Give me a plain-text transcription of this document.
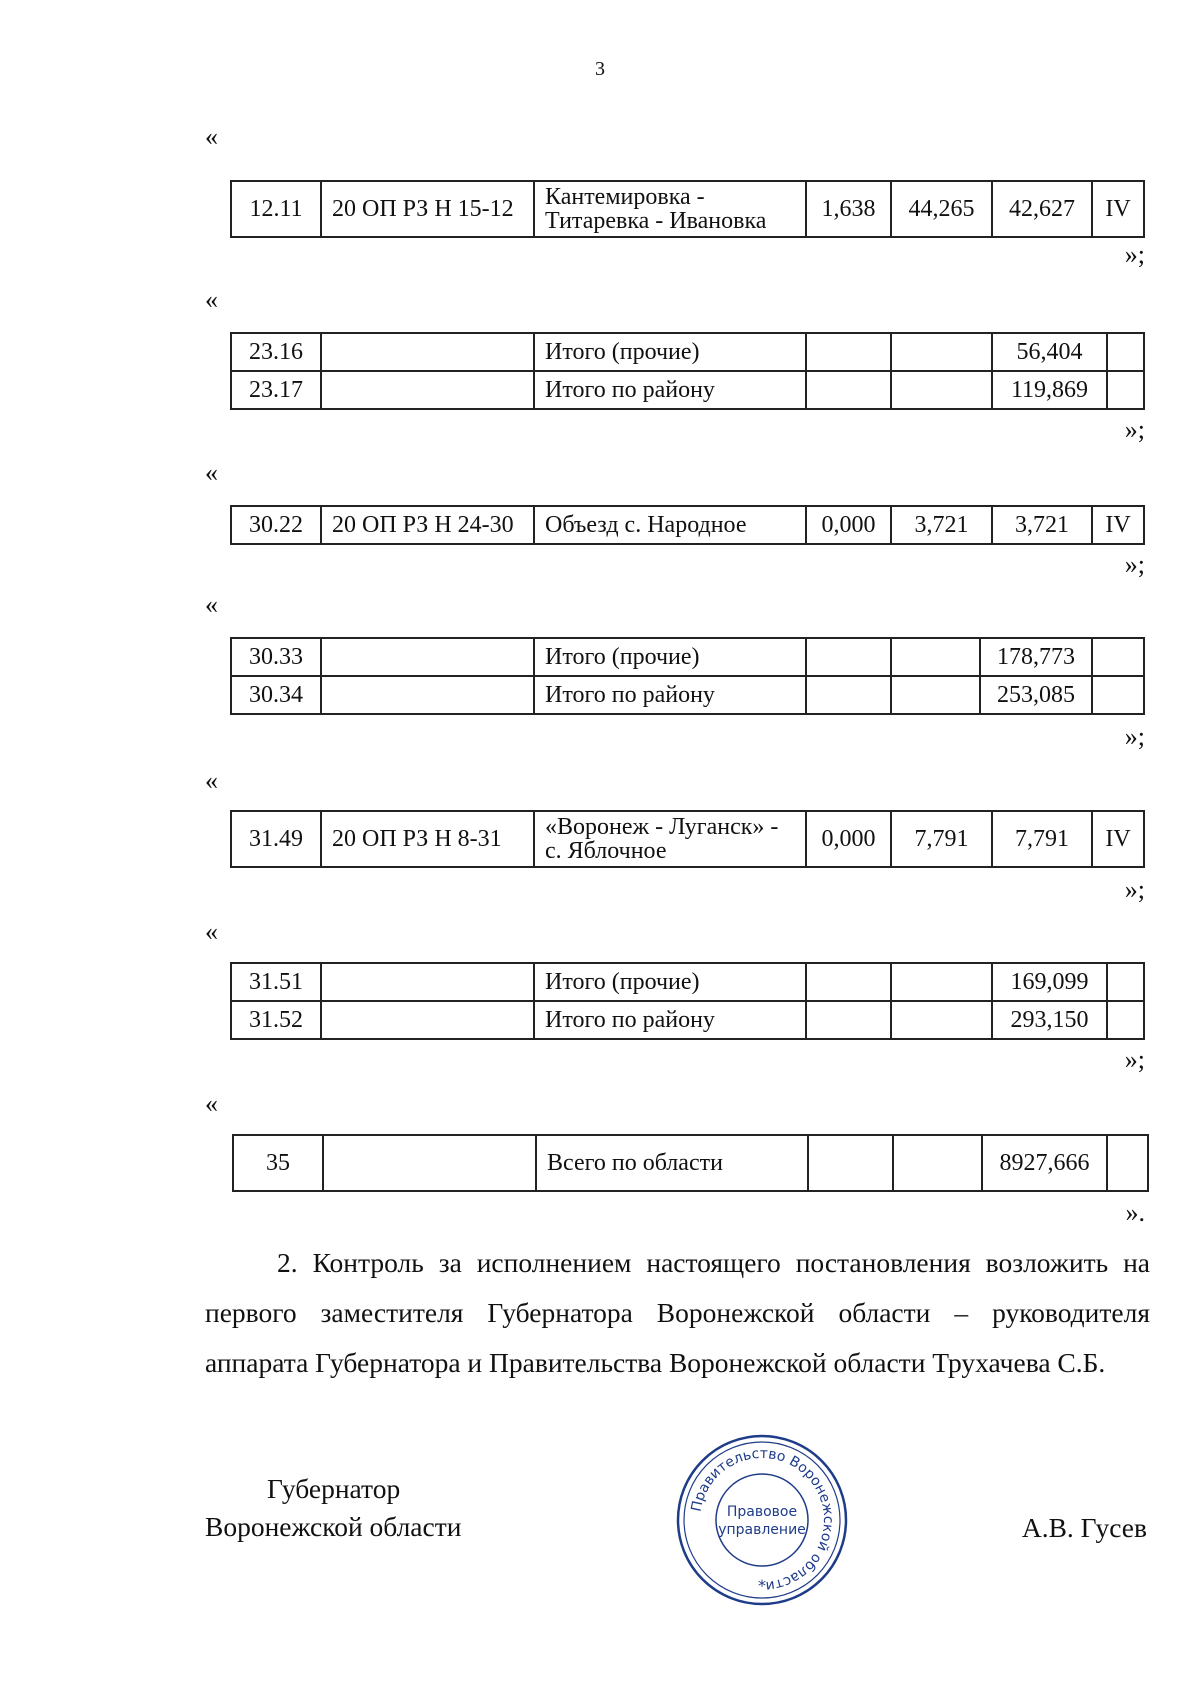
3
«
12.11	20 ОП РЗ Н 15-12	Кантемировка -
Титаревка - Ивановка	1,638	44,265	42,627	IV
»;
«
23.16		Итого (прочие)			56,404	
23.17		Итого по району			119,869	
»;
«
30.22	20 ОП РЗ Н 24-30	Объезд с. Народное	0,000	3,721	3,721	IV
»;
«
30.33		Итого (прочие)			178,773	
30.34		Итого по району			253,085	
»;
«
31.49	20 ОП РЗ Н 8-31	«Воронеж - Луганск» -
с. Яблочное	0,000	7,791	7,791	IV
»;
«
31.51		Итого (прочие)			169,099	
31.52		Итого по району			293,150	
»;
«
35		Всего по области			8927,666	
».

2. Контроль за исполнением настоящего постановления возложить на первого заместителя Губернатора Воронежской области – руководителя аппарата Губернатора и Правительства Воронежской области Трухачева С.Б.

Губернатор
Воронежской области
Правительство Воронежской области
Правовое
управление
*
А.В. Гусев
